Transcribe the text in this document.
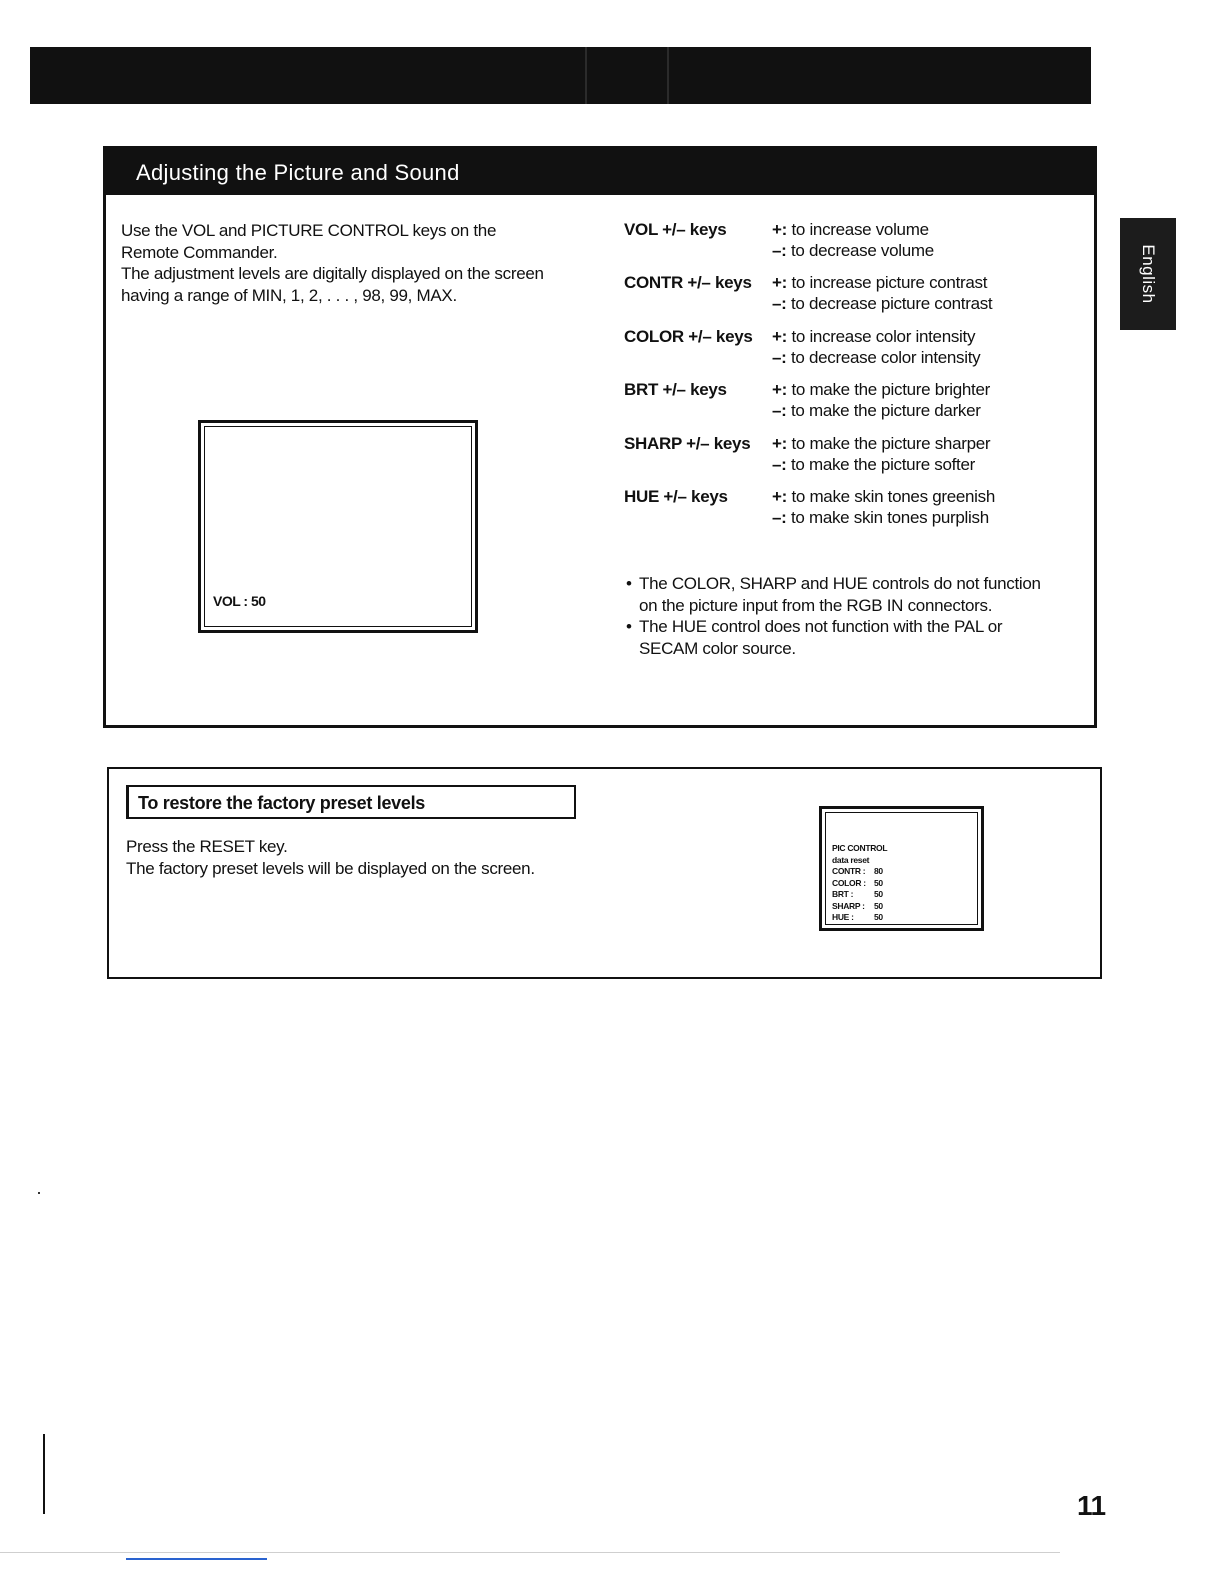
Adjusting the Picture and Sound

Use the VOL and PICTURE CONTROL keys on the

Remote Commander.

The adjustment levels are digitally displayed on the screen

having a range of MIN, 1, 2, . . . , 98, 99, MAX.

VOL : 50
VOL +/– keys	+: to increase volume
–: to decrease volume
CONTR +/– keys +: to increase picture contrast
–: to decrease picture contrast
COLOR +/– keys +: to increase color intensity
–: to decrease color intensity
BRT +/– keys	+: to make the picture brighter
–: to make the picture darker
SHARP +/– keys +: to make the picture sharper
–: to make the picture softer
HUE +/– keys	+: to make skin tones greenish
–: to make skin tones purplish

• The COLOR, SHARP and HUE controls do not function
on the picture input from the RGB IN connectors.

• The HUE control does not function with the PAL or
SECAM color source.

English
To restore the factory preset levels

Press the RESET key.

The factory preset levels will be displayed on the screen.

PIC CONTROL
data reset
CONTR : 80
COLOR : 50
BRT : 50
SHARP : 50
HUE : 50
11
